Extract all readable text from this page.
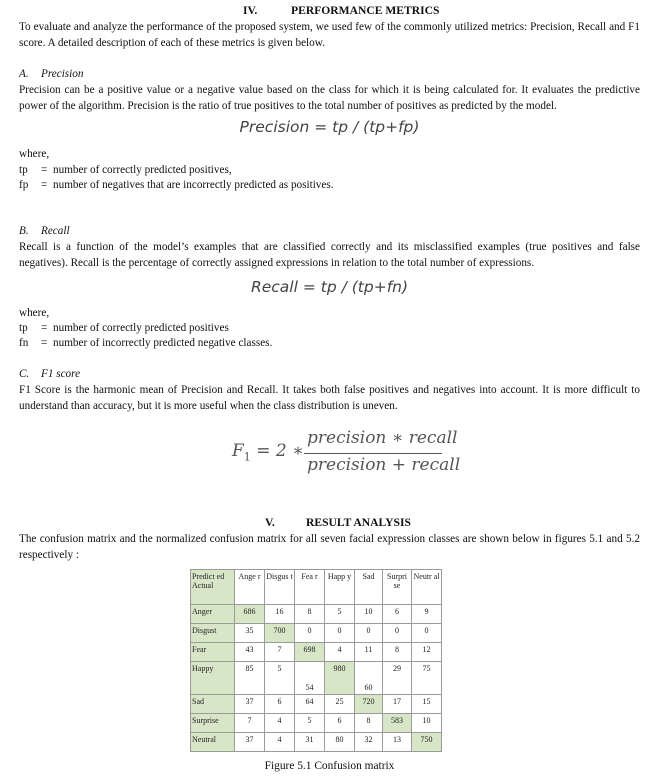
IV.	PERFORMANCE METRICS
To evaluate and analyze the performance of the proposed system, we used few of the commonly utilized metrics: Precision, Recall and F1 score. A detailed description of each of these metrics is given below.
A. Precision
Precision can be a positive value or a negative value based on the class for which it is being calculated for. It evaluates the predictive power of the algorithm. Precision is the ratio of true positives to the total number of positives as predicted by the model.
Precision = tp / (tp+fp)
where,
tp	= number of correctly predicted positives,
fp	= number of negatives that are incorrectly predicted as positives.
B. Recall
Recall is a function of the model’s examples that are classified correctly and its misclassified examples (true positives and false negatives). Recall is the percentage of correctly assigned expressions in relation to the total number of expressions.
Recall = tp / (tp+fn)
where,
tp	= number of correctly predicted positives
fn	= number of incorrectly predicted negative classes.
C. F1 score
F1 Score is the harmonic mean of Precision and Recall. It takes both false positives and negatives into account. It is more difficult to understand than accuracy, but it is more useful when the class distribution is uneven.
$F_1 = 2$ ∗
precision ∗ recall
precision + recall
V.	RESULT ANALYSIS
The confusion matrix and the normalized confusion matrix for all seven facial expression classes are shown below in figures 5.1 and 5.2 respectively :
Predict ed Actual	Ange r	Disgus t	Fea r	Happ y	Sad	Surpri se	Neutr al
Anger	686	16	8	5	10	6	9
Disgust	35	700	0	0	0	0	0
Fear	43	7	698	4	11	8	12
Happy	85	5	54	980	60	29	75
Sad	37	6	64	25	720	17	15
Surprise	7	4	5	6	8	583	10
Neutral	37	4	31	80	32	13	750
Figure 5.1 Confusion matrix
